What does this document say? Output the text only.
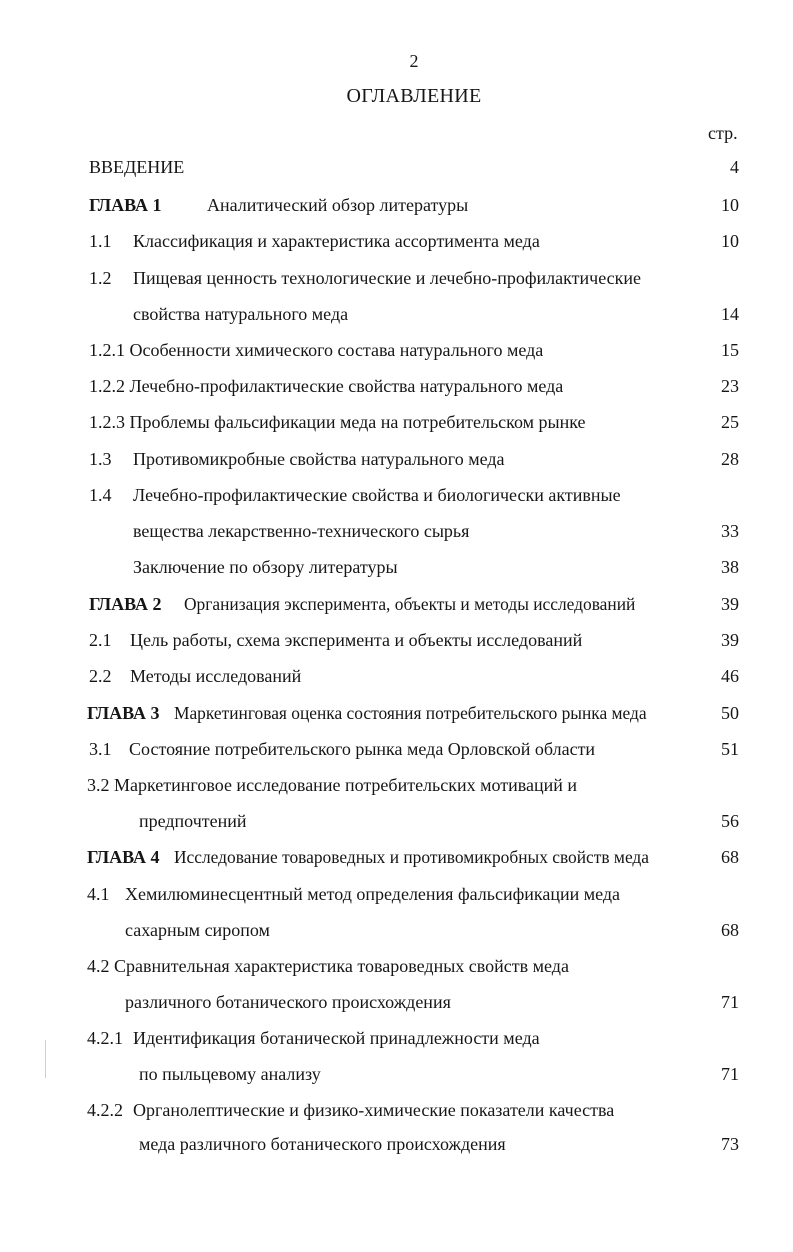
2
ОГЛАВЛЕНИЕ
стр.
ВВЕДЕНИЕ	4
ГЛАВА 1	Аналитический обзор литературы	10
1.1 Классификация и характеристика ассортимента меда	10
1.2 Пищевая ценность технологические и лечебно-профилактические
свойства натурального меда	14
1.2.1 Особенности химического состава натурального меда	15
1.2.2 Лечебно-профилактические свойства натурального меда	23
1.2.3 Проблемы фальсификации меда на потребительском рынке	25
1.3 Противомикробные свойства натурального меда	28
1.4 Лечебно-профилактические свойства и биологически активные
вещества лекарственно-технического сырья	33
Заключение по обзору литературы	38
ГЛАВА 2 Организация эксперимента, объекты и методы исследований	39
2.1 Цель работы, схема эксперимента и объекты исследований	39
2.2 Методы исследований	46
ГЛАВА 3 Маркетинговая оценка состояния потребительского рынка меда	50
3.1 Состояние потребительского рынка меда Орловской области	51
3.2 Маркетинговое исследование потребительских мотиваций и
предпочтений	56
ГЛАВА 4 Исследование товароведных и противомикробных свойств меда	68
4.1 Хемилюминесцентный метод определения фальсификации меда
сахарным сиропом	68
4.2 Сравнительная характеристика товароведных свойств меда
различного ботанического происхождения	71
4.2.1 Идентификация ботанической принадлежности меда
по пыльцевому анализу	71
4.2.2 Органолептические и физико-химические показатели качества
меда различного ботанического происхождения	73
